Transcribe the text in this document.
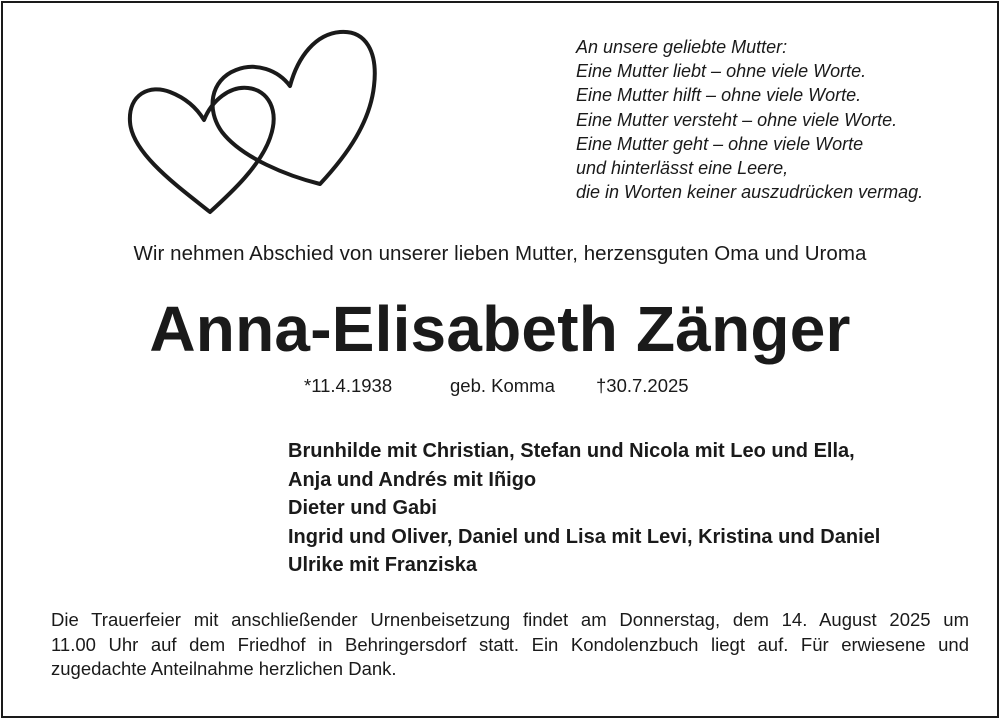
An unsere geliebte Mutter:
Eine Mutter liebt – ohne viele Worte.
Eine Mutter hilft – ohne viele Worte.
Eine Mutter versteht – ohne viele Worte.
Eine Mutter geht – ohne viele Worte
und hinterlässt eine Leere,
die in Worten keiner auszudrücken vermag.
Wir nehmen Abschied von unserer lieben Mutter, herzensguten Oma und Uroma
Anna-Elisabeth Zänger
*11.4.1938	geb. Komma †30.7.2025
Brunhilde mit Christian, Stefan und Nicola mit Leo und Ella,
Anja und Andrés mit Iñigo
Dieter und Gabi
Ingrid und Oliver, Daniel und Lisa mit Levi, Kristina und Daniel
Ulrike mit Franziska
Die Trauerfeier mit anschließender Urnenbeisetzung findet am Donnerstag, dem 14. August 2025 um
11.00 Uhr auf dem Friedhof in Behringersdorf statt. Ein Kondolenzbuch liegt auf. Für erwiesene und
zugedachte Anteilnahme herzlichen Dank.
